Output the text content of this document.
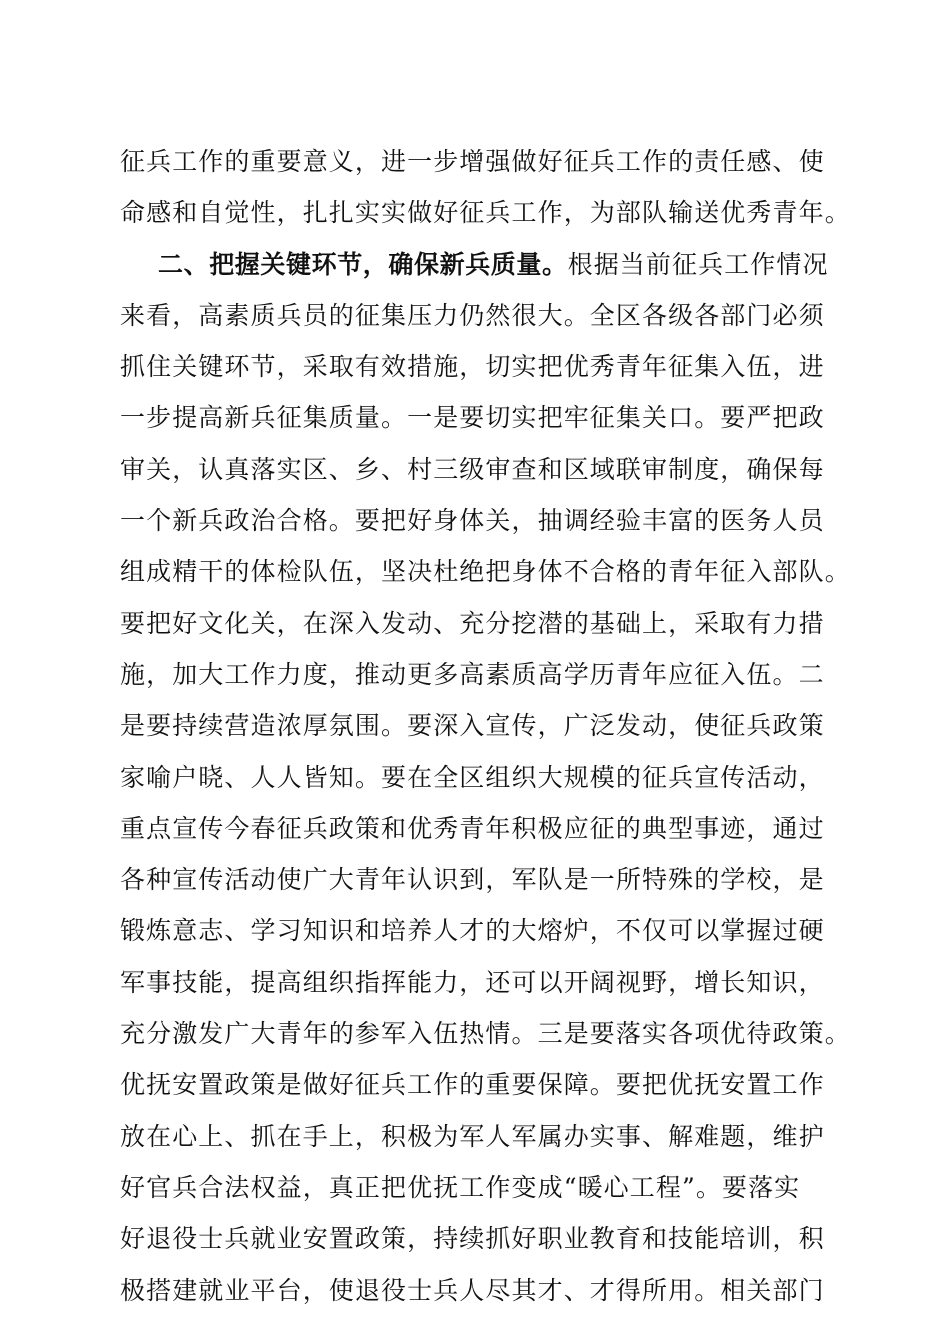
征兵工作的重要意义，进一步增强做好征兵工作的责任感、使
命感和自觉性，扎扎实实做好征兵工作，为部队输送优秀青年。
二、把握关键环节，确保新兵质量。根据当前征兵工作情况
来看，高素质兵员的征集压力仍然很大。全区各级各部门必须
抓住关键环节，采取有效措施，切实把优秀青年征集入伍，进
一步提高新兵征集质量。一是要切实把牢征集关口。要严把政
审关，认真落实区、乡、村三级审查和区域联审制度，确保每
一个新兵政治合格。要把好身体关，抽调经验丰富的医务人员
组成精干的体检队伍，坚决杜绝把身体不合格的青年征入部队。
要把好文化关，在深入发动、充分挖潜的基础上，采取有力措
施，加大工作力度，推动更多高素质高学历青年应征入伍。二
是要持续营造浓厚氛围。要深入宣传，广泛发动，使征兵政策
家喻户晓、人人皆知。要在全区组织大规模的征兵宣传活动，
重点宣传今春征兵政策和优秀青年积极应征的典型事迹，通过
各种宣传活动使广大青年认识到，军队是一所特殊的学校，是
锻炼意志、学习知识和培养人才的大熔炉，不仅可以掌握过硬
军事技能，提高组织指挥能力，还可以开阔视野，增长知识，
充分激发广大青年的参军入伍热情。三是要落实各项优待政策。
优抚安置政策是做好征兵工作的重要保障。要把优抚安置工作
放在心上、抓在手上，积极为军人军属办实事、解难题，维护
好官兵合法权益，真正把优抚工作变成“暖心工程”。要落实
好退役士兵就业安置政策，持续抓好职业教育和技能培训，积
极搭建就业平台，使退役士兵人尽其才、才得所用。相关部门
